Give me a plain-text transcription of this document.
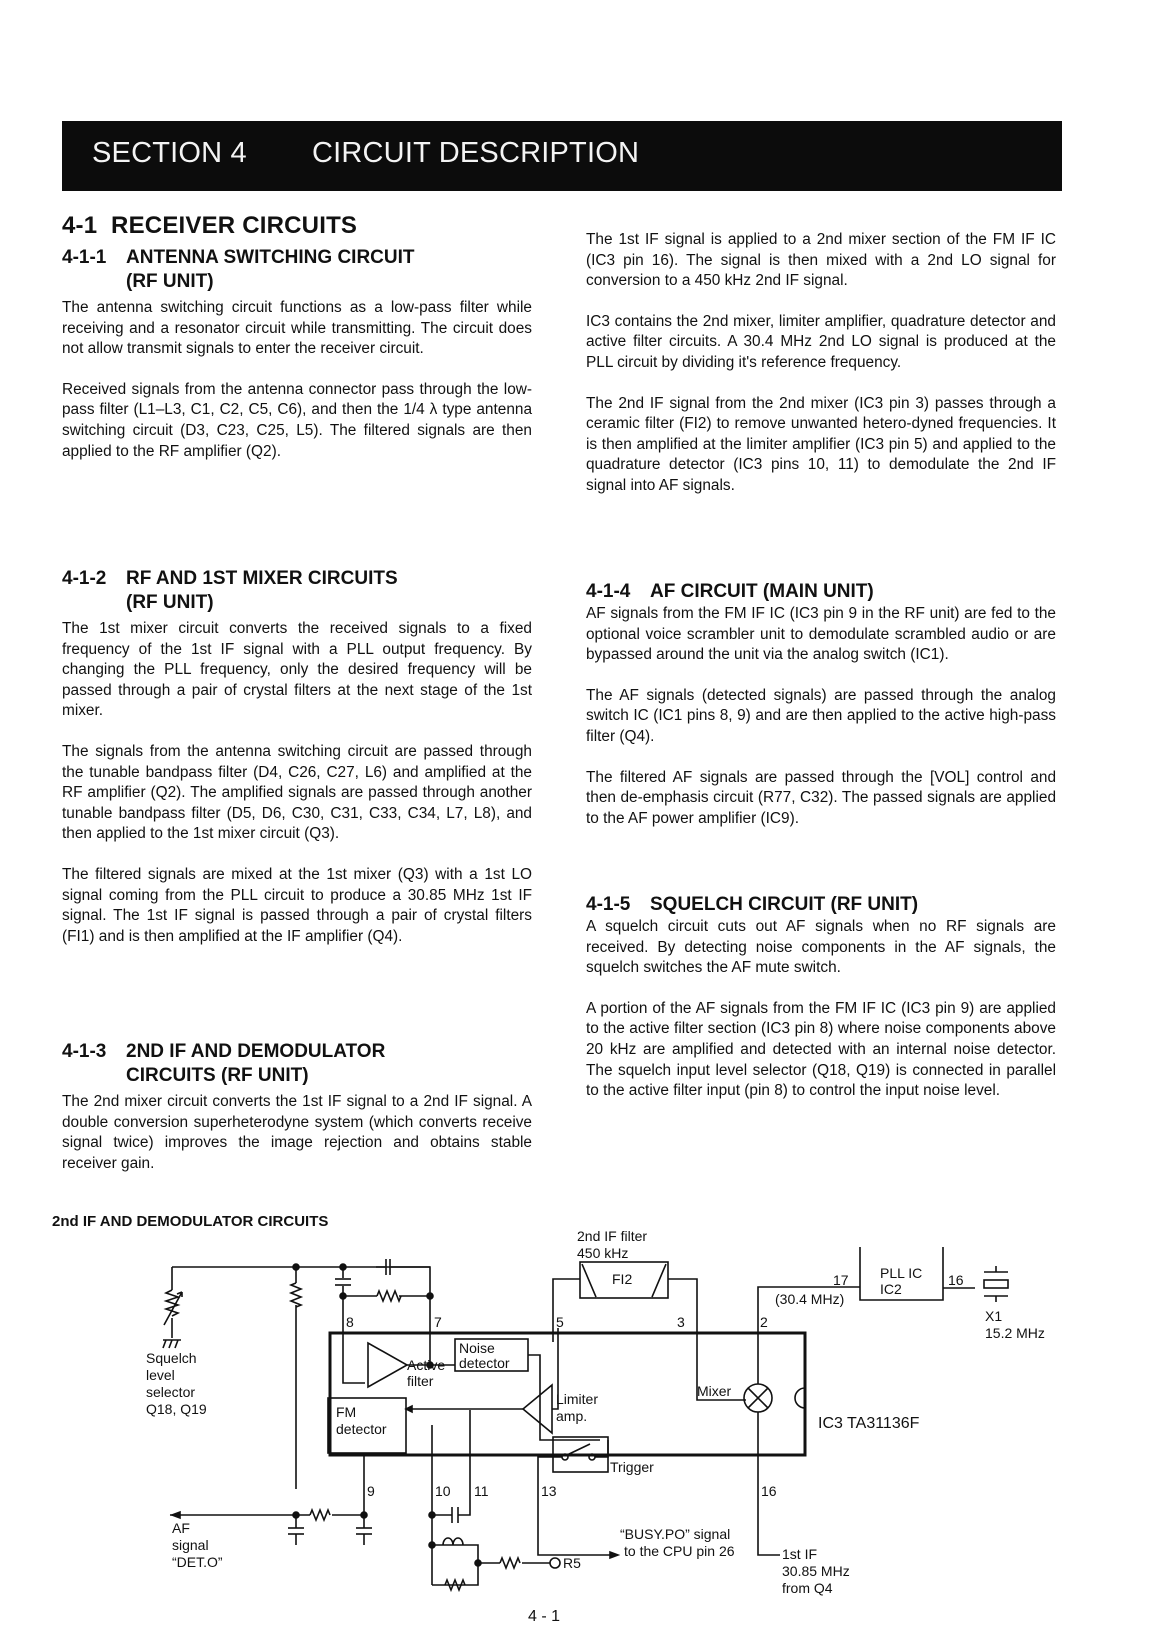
SECTION 4 CIRCUIT DESCRIPTION
4-1 RECEIVER CIRCUITS
4-1-1 ANTENNA SWITCHING CIRCUIT
(RF UNIT)

The antenna switching circuit functions as a low-pass filter while receiving and a resonator circuit while transmitting. The circuit does not allow transmit signals to enter the receiver circuit.

Received signals from the antenna connector pass through the low-pass filter (L1–L3, C1, C2, C5, C6), and then the 1/4 λ type antenna switching circuit (D3, C23, C25, L5). The filtered signals are then applied to the RF amplifier (Q2).

4-1-2 RF AND 1ST MIXER CIRCUITS
(RF UNIT)

The 1st mixer circuit converts the received signals to a fixed frequency of the 1st IF signal with a PLL output frequency. By changing the PLL frequency, only the desired frequency will be passed through a pair of crystal filters at the next stage of the 1st mixer.

The signals from the antenna switching circuit are passed through the tunable bandpass filter (D4, C26, C27, L6) and amplified at the RF amplifier (Q2). The amplified signals are passed through another tunable bandpass filter (D5, D6, C30, C31, C33, C34, L7, L8), and then applied to the 1st mixer circuit (Q3).

The filtered signals are mixed at the 1st mixer (Q3) with a 1st LO signal coming from the PLL circuit to produce a 30.85 MHz 1st IF signal. The 1st IF signal is passed through a pair of crystal filters (FI1) and is then amplified at the IF amplifier (Q4).

4-1-3 2ND IF AND DEMODULATOR
CIRCUITS (RF UNIT)

The 2nd mixer circuit converts the 1st IF signal to a 2nd IF signal. A double conversion superheterodyne system (which converts receive signal twice) improves the image rejection and obtains stable receiver gain.

The 1st IF signal is applied to a 2nd mixer section of the FM IF IC (IC3 pin 16). The signal is then mixed with a 2nd LO signal for conversion to a 450 kHz 2nd IF signal.

IC3 contains the 2nd mixer, limiter amplifier, quadrature detector and active filter circuits. A 30.4 MHz 2nd LO signal is produced at the PLL circuit by dividing it's reference frequency.

The 2nd IF signal from the 2nd mixer (IC3 pin 3) passes through a ceramic filter (FI2) to remove unwanted hetero-dyned frequencies. It is then amplified at the limiter amplifier (IC3 pin 5) and applied to the quadrature detector (IC3 pins 10, 11) to demodulate the 2nd IF signal into AF signals.

4-1-4 AF CIRCUIT (MAIN UNIT)

AF signals from the FM IF IC (IC3 pin 9 in the RF unit) are fed to the optional voice scrambler unit to demodulate scrambled audio or are bypassed around the unit via the analog switch (IC1).

The AF signals (detected signals) are passed through the analog switch IC (IC1 pins 8, 9) and are then applied to the active high-pass filter (Q4).

The filtered AF signals are passed through the [VOL] control and then de-emphasis circuit (R77, C32). The passed signals are applied to the AF power amplifier (IC9).

4-1-5 SQUELCH CIRCUIT (RF UNIT)

A squelch circuit cuts out AF signals when no RF signals are received. By detecting noise components in the AF signals, the squelch switches the AF mute switch.

A portion of the AF signals from the FM IF IC (IC3 pin 9) are applied to the active filter section (IC3 pin 8) where noise components above 20 kHz are amplified and detected with an internal noise detector. The squelch input level selector (Q18, Q19) is connected in parallel to the active filter input (pin 8) to control the input noise level.

2nd IF AND DEMODULATOR CIRCUITS
2nd IF filter
450 kHz
FI2	PLL IC
IC2
17	16
(30.4 MHz)
X1
15.2 MHz
Squelch
level
selector
Q18, Q19
8	7	5	3	2
Noise
detector
Active
filter
FM
detector
Limiter
amp.
Mixer
Trigger
IC3 TA31136F
9	10 11	13	16
AF
signal
“DET.O”
“BUSY.PO” signal
to the CPU pin 26	1st IF
30.85 MHz
from Q4
R5
4 - 1
